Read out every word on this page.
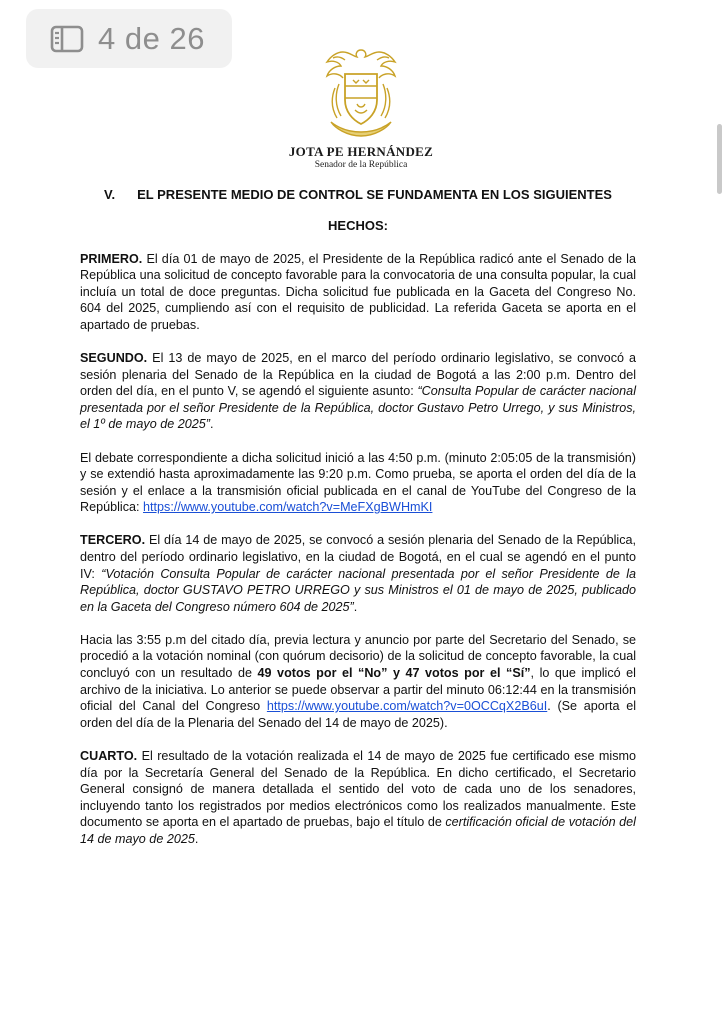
4 de 26
JOTA PE HERNÁNDEZ
Senador de la República
V. EL PRESENTE MEDIO DE CONTROL SE FUNDAMENTA EN LOS SIGUIENTES
HECHOS:

PRIMERO. El día 01 de mayo de 2025, el Presidente de la República radicó ante el Senado de la República una solicitud de concepto favorable para la convocatoria de una consulta popular, la cual incluía un total de doce preguntas. Dicha solicitud fue publicada en la Gaceta del Congreso No. 604 del 2025, cumpliendo así con el requisito de publicidad. La referida Gaceta se aporta en el apartado de pruebas.

SEGUNDO. El 13 de mayo de 2025, en el marco del período ordinario legislativo, se convocó a sesión plenaria del Senado de la República en la ciudad de Bogotá a las 2:00 p.m. Dentro del orden del día, en el punto V, se agendó el siguiente asunto: “Consulta Popular de carácter nacional presentada por el señor Presidente de la República, doctor Gustavo Petro Urrego, y sus Ministros, el 1º de mayo de 2025”.

El debate correspondiente a dicha solicitud inició a las 4:50 p.m. (minuto 2:05:05 de la transmisión) y se extendió hasta aproximadamente las 9:20 p.m. Como prueba, se aporta el orden del día de la sesión y el enlace a la transmisión oficial publicada en el canal de YouTube del Congreso de la República: https://www.youtube.com/watch?v=MeFXgBWHmKI

TERCERO. El día 14 de mayo de 2025, se convocó a sesión plenaria del Senado de la República, dentro del período ordinario legislativo, en la ciudad de Bogotá, en el cual se agendó en el punto IV: “Votación Consulta Popular de carácter nacional presentada por el señor Presidente de la República, doctor GUSTAVO PETRO URREGO y sus Ministros el 01 de mayo de 2025, publicado en la Gaceta del Congreso número 604 de 2025”.

Hacia las 3:55 p.m del citado día, previa lectura y anuncio por parte del Secretario del Senado, se procedió a la votación nominal (con quórum decisorio) de la solicitud de concepto favorable, la cual concluyó con un resultado de 49 votos por el “No” y 47 votos por el “Sí”, lo que implicó el archivo de la iniciativa. Lo anterior se puede observar a partir del minuto 06:12:44 en la transmisión oficial del Canal del Congreso https://www.youtube.com/watch?v=0OCCqX2B6uI. (Se aporta el orden del día de la Plenaria del Senado del 14 de mayo de 2025).

CUARTO. El resultado de la votación realizada el 14 de mayo de 2025 fue certificado ese mismo día por la Secretaría General del Senado de la República. En dicho certificado, el Secretario General consignó de manera detallada el sentido del voto de cada uno de los senadores, incluyendo tanto los registrados por medios electrónicos como los realizados manualmente. Este documento se aporta en el apartado de pruebas, bajo el título de certificación oficial de votación del 14 de mayo de 2025.
